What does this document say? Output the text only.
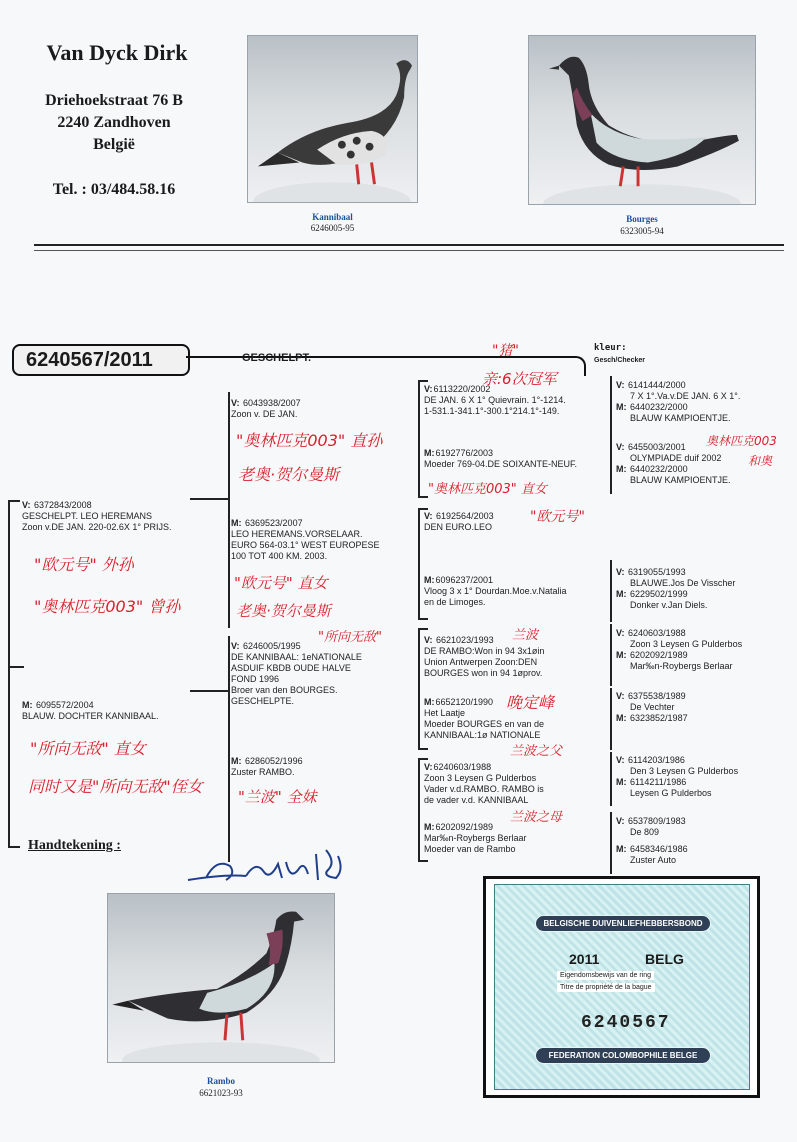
Van Dyck Dirk
Driehoekstraat 76 B
2240 Zandhoven
België
Tel. : 03/484.58.16
Kannibaal
6246005-95
Bourges
6323005-94
6240567/2011	GESCHELPT.
kleur:
Gesch/Checker
V: 6372843/2008
GESCHELPT. LEO HEREMANS
Zoon v.DE JAN. 220-02.6X 1° PRIJS.
M: 6095572/2004
BLAUW. DOCHTER KANNIBAAL.
V: 6043938/2007
Zoon v. DE JAN.
M: 6369523/2007
LEO HEREMANS.VORSELAAR.
EURO 564-03.1° WEST EUROPESE
100 TOT 400 KM. 2003.
V: 6246005/1995
DE KANNIBAAL: 1eNATIONALE
ASDUIF KBDB OUDE HALVE
FOND 1996
Broer van den BOURGES.
GESCHELPTE.
M: 6286052/1996
Zuster RAMBO.
V:6113220/2002
DE JAN. 6 X 1° Quievrain. 1°-1214.
1-531.1-341.1°-300.1°214.1°-149.
M:6192776/2003
Moeder 769-04.DE SOIXANTE-NEUF.
V: 6192564/2003
DEN EURO.LEO
M:6096237/2001
Vloog 3 x 1° Dourdan.Moe.v.Natalia
en de Limoges.
V: 6621023/1993
DE RAMBO:Won in 94 3x1øin
Union Antwerpen Zoon:DEN
BOURGES won in 94 1øprov.
M:6652120/1990
Het Laatje
Moeder BOURGES en van de
KANNIBAAL:1ø NATIONALE
V:6240603/1988
Zoon 3 Leysen G Pulderbos
Vader v.d.RAMBO. RAMBO is
de vader v.d. KANNIBAAL
M:6202092/1989
Mar‰n-Roybergs Berlaar
Moeder van de Rambo
V: 6141444/2000
7 X 1°.Va.v.DE JAN. 6 X 1°.
M: 6440232/2000
BLAUW KAMPIOENTJE.
V: 6455003/2001
OLYMPIADE duif 2002
M: 6440232/2000
BLAUW KAMPIOENTJE.
V: 6319055/1993
BLAUWE.Jos De Visscher
M: 6229502/1999
Donker v.Jan Diels.
V: 6240603/1988
Zoon 3 Leysen G Pulderbos
M: 6202092/1989
Mar‰n-Roybergs Berlaar
V: 6375538/1989
De Vechter
M: 6323852/1987
V: 6114203/1986
Den 3 Leysen G Pulderbos
M: 6114211/1986
Leysen G Pulderbos
V: 6537809/1983
De 809
M: 6458346/1986
Zuster Auto
"猪"
亲:6次冠军
"奥林匹克003" 直孙
老奥·贺尔曼斯
"奥林匹克003" 直女
"欧元号"
"欧元号" 外孙
"奥林匹克003" 曾孙
"欧元号" 直女
老奥·贺尔曼斯
"所向无敌"	兰波
晚定峰
兰波之父
兰波之母
"所向无敌" 直女
同时又是"所向无敌"侄女
"兰波" 全妹
奥林匹克003
和奥
Handtekening :
Rambo
6621023-93
BELGISCHE DUIVENLIEFHEBBERSBOND
2011	BELG
Eigendomsbewijs van de ring
Titre de propriété de la bague
6240567
FEDERATION COLOMBOPHILE BELGE
